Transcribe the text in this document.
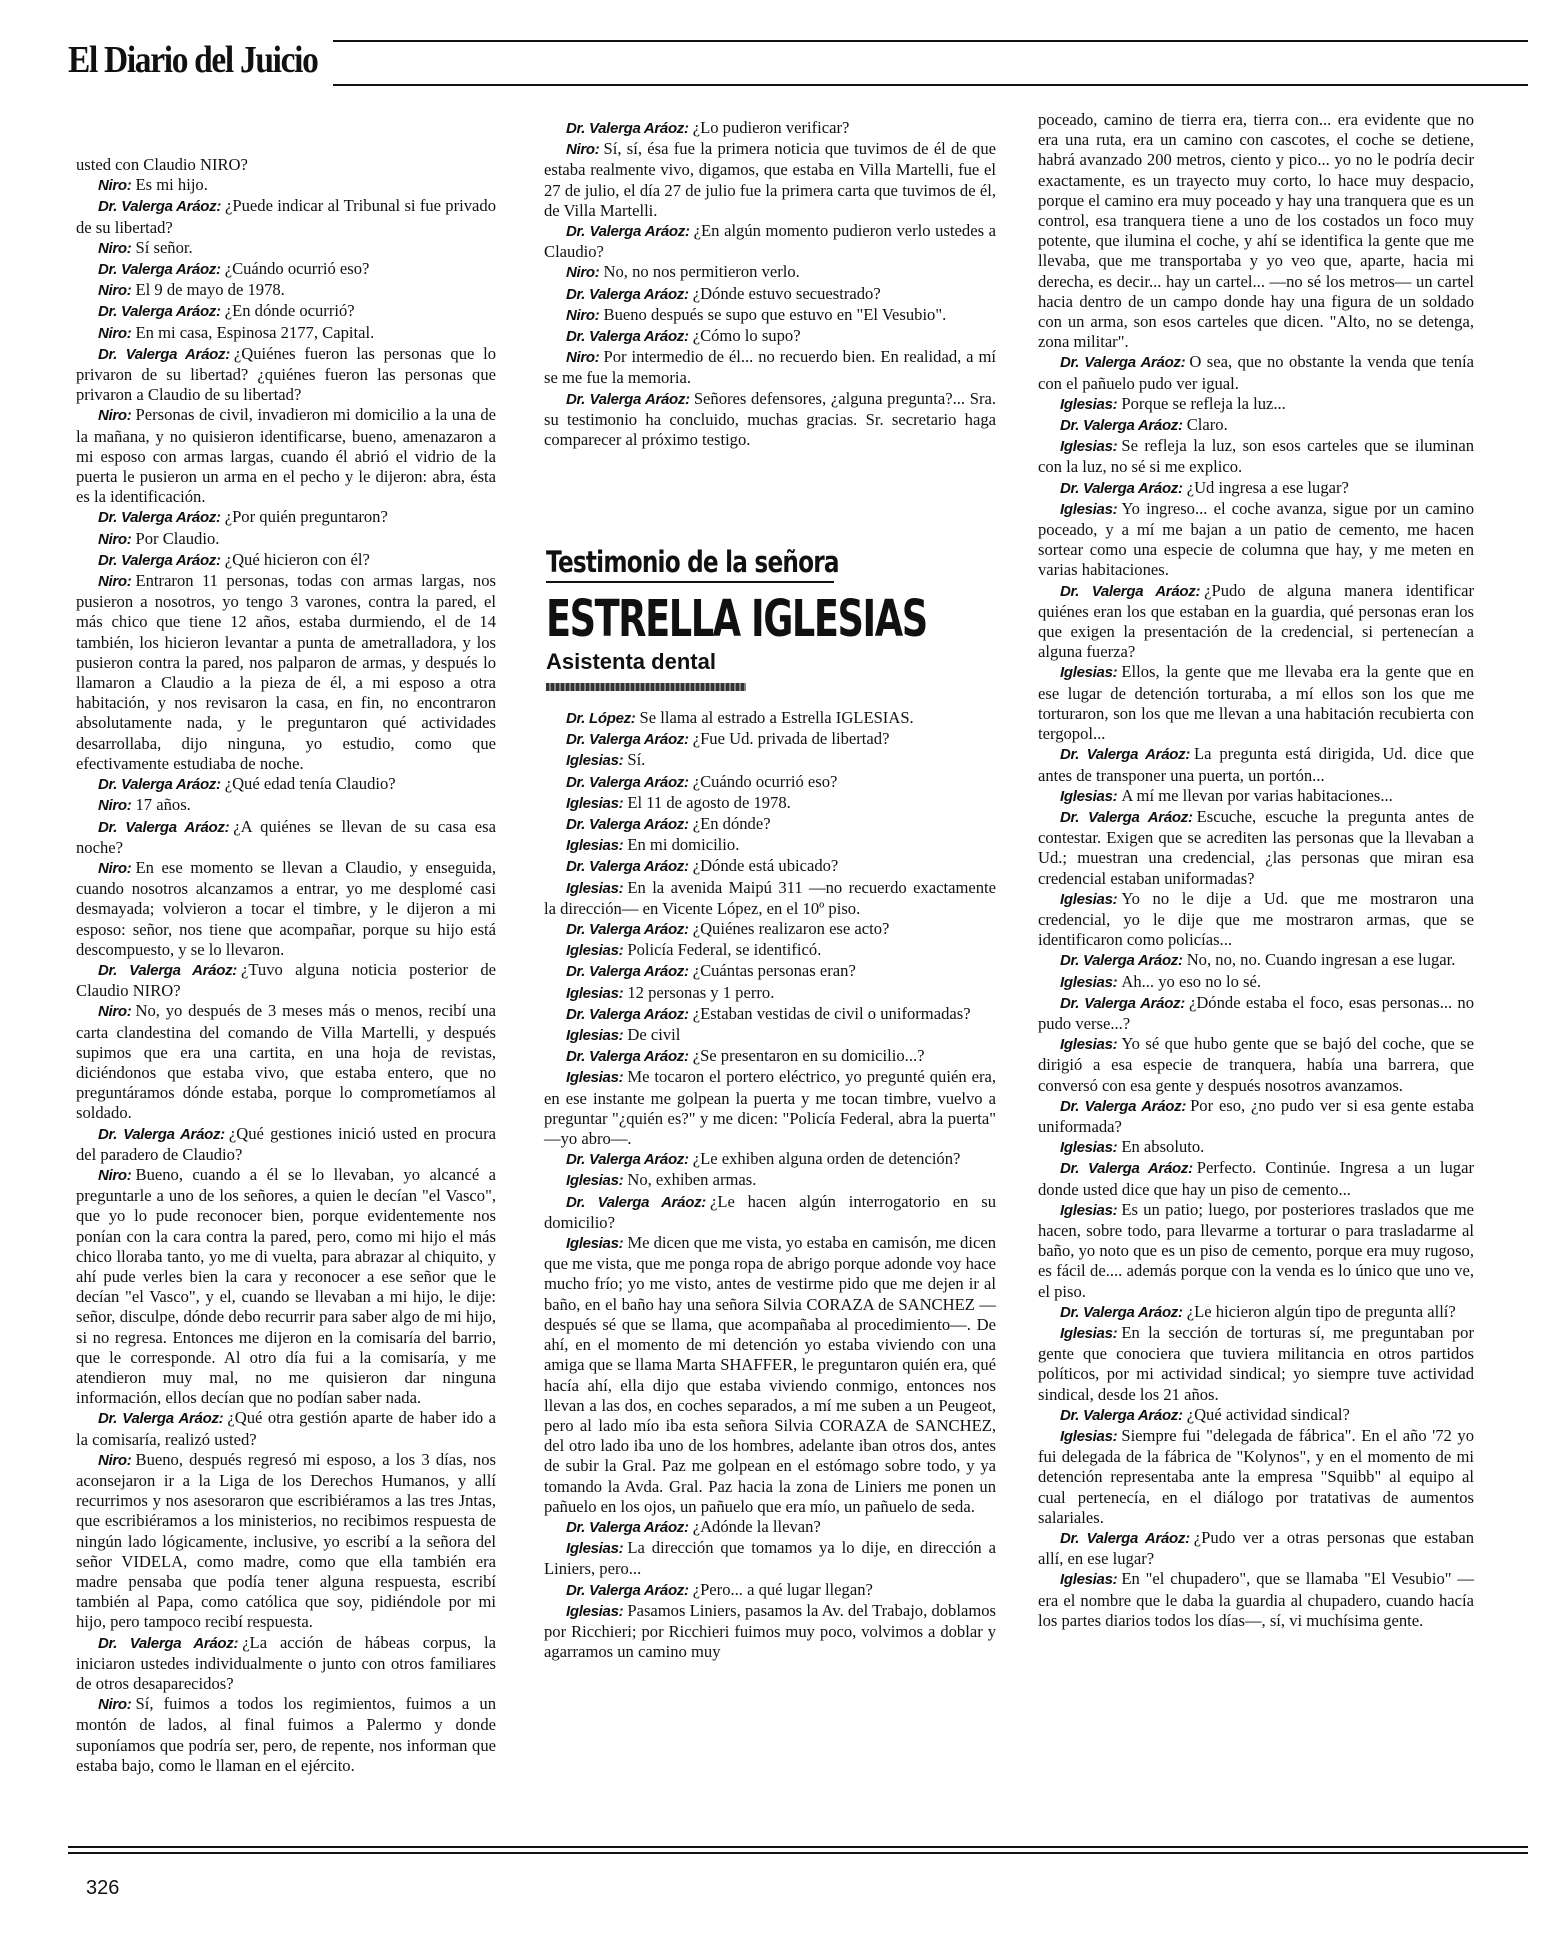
El Diario del Juicio

usted con Claudio NIRO?

Niro: Es mi hijo.

Dr. Valerga Aráoz: ¿Puede indicar al Tribunal si fue privado de su libertad?

Niro: Sí señor.

Dr. Valerga Aráoz: ¿Cuándo ocurrió eso?

Niro: El 9 de mayo de 1978.

Dr. Valerga Aráoz: ¿En dónde ocurrió?

Niro: En mi casa, Espinosa 2177, Capital.

Dr. Valerga Aráoz: ¿Quiénes fueron las personas que lo privaron de su libertad? ¿quiénes fueron las personas que privaron a Claudio de su libertad?

Niro: Personas de civil, invadieron mi domicilio a la una de la mañana, y no quisieron identificarse, bueno, amenazaron a mi esposo con armas largas, cuando él abrió el vidrio de la puerta le pusieron un arma en el pecho y le dijeron: abra, ésta es la identificación.

Dr. Valerga Aráoz: ¿Por quién preguntaron?

Niro: Por Claudio.

Dr. Valerga Aráoz: ¿Qué hicieron con él?

Niro: Entraron 11 personas, todas con armas largas, nos pusieron a nosotros, yo tengo 3 varones, contra la pared, el más chico que tiene 12 años, estaba durmiendo, el de 14 también, los hicieron levantar a punta de ametralladora, y los pusieron contra la pared, nos palparon de armas, y después lo llamaron a Claudio a la pieza de él, a mi esposo a otra habitación, y nos revisaron la casa, en fin, no encontraron absolutamente nada, y le preguntaron qué actividades desarrollaba, dijo ninguna, yo estudio, como que efectivamente estudiaba de noche.

Dr. Valerga Aráoz: ¿Qué edad tenía Claudio?

Niro: 17 años.

Dr. Valerga Aráoz: ¿A quiénes se llevan de su casa esa noche?

Niro: En ese momento se llevan a Claudio, y enseguida, cuando nosotros alcanzamos a entrar, yo me desplomé casi desmayada; volvieron a tocar el timbre, y le dijeron a mi esposo: señor, nos tiene que acompañar, porque su hijo está descompuesto, y se lo llevaron.

Dr. Valerga Aráoz: ¿Tuvo alguna noticia posterior de Claudio NIRO?

Niro: No, yo después de 3 meses más o menos, recibí una carta clandestina del comando de Villa Martelli, y después supimos que era una cartita, en una hoja de revistas, diciéndonos que estaba vivo, que estaba entero, que no preguntáramos dónde estaba, porque lo comprometíamos al soldado.

Dr. Valerga Aráoz: ¿Qué gestiones inició usted en procura del paradero de Claudio?

Niro: Bueno, cuando a él se lo llevaban, yo alcancé a preguntarle a uno de los señores, a quien le decían "el Vasco", que yo lo pude reconocer bien, porque evidentemente nos ponían con la cara contra la pared, pero, como mi hijo el más chico lloraba tanto, yo me di vuelta, para abrazar al chiquito, y ahí pude verles bien la cara y reconocer a ese señor que le decían "el Vasco", y el, cuando se llevaban a mi hijo, le dije: señor, disculpe, dónde debo recurrir para saber algo de mi hijo, si no regresa. Entonces me dijeron en la comisaría del barrio, que le corresponde. Al otro día fui a la comisaría, y me atendieron muy mal, no me quisieron dar ninguna información, ellos decían que no podían saber nada.

Dr. Valerga Aráoz: ¿Qué otra gestión aparte de haber ido a la comisaría, realizó usted?

Niro: Bueno, después regresó mi esposo, a los 3 días, nos aconsejaron ir a la Liga de los Derechos Humanos, y allí recurrimos y nos asesoraron que escribiéramos a las tres Jntas, que escribiéramos a los ministerios, no recibimos respuesta de ningún lado lógicamente, inclusive, yo escribí a la señora del señor VIDELA, como madre, como que ella también era madre pensaba que podía tener alguna respuesta, escribí también al Papa, como católica que soy, pidiéndole por mi hijo, pero tampoco recibí respuesta.

Dr. Valerga Aráoz: ¿La acción de hábeas corpus, la iniciaron ustedes individualmente o junto con otros familiares de otros desaparecidos?

Niro: Sí, fuimos a todos los regimientos, fuimos a un montón de lados, al final fuimos a Palermo y donde suponíamos que podría ser, pero, de repente, nos informan que estaba bajo, como le llaman en el ejército.

Dr. Valerga Aráoz: ¿Lo pudieron verificar?

Niro: Sí, sí, ésa fue la primera noticia que tuvimos de él de que estaba realmente vivo, digamos, que estaba en Villa Martelli, fue el 27 de julio, el día 27 de julio fue la primera carta que tuvimos de él, de Villa Martelli.

Dr. Valerga Aráoz: ¿En algún momento pudieron verlo ustedes a Claudio?

Niro: No, no nos permitieron verlo.

Dr. Valerga Aráoz: ¿Dónde estuvo secuestrado?

Niro: Bueno después se supo que estuvo en "El Vesubio".

Dr. Valerga Aráoz: ¿Cómo lo supo?

Niro: Por intermedio de él... no recuerdo bien. En realidad, a mí se me fue la memoria.

Dr. Valerga Aráoz: Señores defensores, ¿alguna pregunta?... Sra. su testimonio ha concluido, muchas gracias. Sr. secretario haga comparecer al próximo testigo.

Testimonio de la señora
ESTRELLA IGLESIAS
Asistenta dental

Dr. López: Se llama al estrado a Estrella IGLESIAS.

Dr. Valerga Aráoz: ¿Fue Ud. privada de libertad?

Iglesias: Sí.

Dr. Valerga Aráoz: ¿Cuándo ocurrió eso?

Iglesias: El 11 de agosto de 1978.

Dr. Valerga Aráoz: ¿En dónde?

Iglesias: En mi domicilio.

Dr. Valerga Aráoz: ¿Dónde está ubicado?

Iglesias: En la avenida Maipú 311 —no recuerdo exactamente la dirección— en Vicente López, en el 10º piso.

Dr. Valerga Aráoz: ¿Quiénes realizaron ese acto?

Iglesias: Policía Federal, se identificó.

Dr. Valerga Aráoz: ¿Cuántas personas eran?

Iglesias: 12 personas y 1 perro.

Dr. Valerga Aráoz: ¿Estaban vestidas de civil o uniformadas?

Iglesias: De civil

Dr. Valerga Aráoz: ¿Se presentaron en su domicilio...?

Iglesias: Me tocaron el portero eléctrico, yo pregunté quién era, en ese instante me golpean la puerta y me tocan timbre, vuelvo a preguntar "¿quién es?" y me dicen: "Policía Federal, abra la puerta" —yo abro—.

Dr. Valerga Aráoz: ¿Le exhiben alguna orden de detención?

Iglesias: No, exhiben armas.

Dr. Valerga Aráoz: ¿Le hacen algún interrogatorio en su domicilio?

Iglesias: Me dicen que me vista, yo estaba en camisón, me dicen que me vista, que me ponga ropa de abrigo porque adonde voy hace mucho frío; yo me visto, antes de vestirme pido que me dejen ir al baño, en el baño hay una señora Silvia CORAZA de SANCHEZ —después sé que se llama, que acompañaba al procedimiento—. De ahí, en el momento de mi detención yo estaba viviendo con una amiga que se llama Marta SHAFFER, le preguntaron quién era, qué hacía ahí, ella dijo que estaba viviendo conmigo, entonces nos llevan a las dos, en coches separados, a mí me suben a un Peugeot, pero al lado mío iba esta señora Silvia CORAZA de SANCHEZ, del otro lado iba uno de los hombres, adelante iban otros dos, antes de subir la Gral. Paz me golpean en el estómago sobre todo, y ya tomando la Avda. Gral. Paz hacia la zona de Liniers me ponen un pañuelo en los ojos, un pañuelo que era mío, un pañuelo de seda.

Dr. Valerga Aráoz: ¿Adónde la llevan?

Iglesias: La dirección que tomamos ya lo dije, en dirección a Liniers, pero...

Dr. Valerga Aráoz: ¿Pero... a qué lugar llegan?

Iglesias: Pasamos Liniers, pasamos la Av. del Trabajo, doblamos por Ricchieri; por Ricchieri fuimos muy poco, volvimos a doblar y agarramos un camino muy

poceado, camino de tierra era, tierra con... era evidente que no era una ruta, era un camino con cascotes, el coche se detiene, habrá avanzado 200 metros, ciento y pico... yo no le podría decir exactamente, es un trayecto muy corto, lo hace muy despacio, porque el camino era muy poceado y hay una tranquera que es un control, esa tranquera tiene a uno de los costados un foco muy potente, que ilumina el coche, y ahí se identifica la gente que me llevaba, que me transportaba y yo veo que, aparte, hacia mi derecha, es decir... hay un cartel... —no sé los metros— un cartel hacia dentro de un campo donde hay una figura de un soldado con un arma, son esos carteles que dicen. "Alto, no se detenga, zona militar".

Dr. Valerga Aráoz: O sea, que no obstante la venda que tenía con el pañuelo pudo ver igual.

Iglesias: Porque se refleja la luz...

Dr. Valerga Aráoz: Claro.

Iglesias: Se refleja la luz, son esos carteles que se iluminan con la luz, no sé si me explico.

Dr. Valerga Aráoz: ¿Ud ingresa a ese lugar?

Iglesias: Yo ingreso... el coche avanza, sigue por un camino poceado, y a mí me bajan a un patio de cemento, me hacen sortear como una especie de columna que hay, y me meten en varias habitaciones.

Dr. Valerga Aráoz: ¿Pudo de alguna manera identificar quiénes eran los que estaban en la guardia, qué personas eran los que exigen la presentación de la credencial, si pertenecían a alguna fuerza?

Iglesias: Ellos, la gente que me llevaba era la gente que en ese lugar de detención torturaba, a mí ellos son los que me torturaron, son los que me llevan a una habitación recubierta con tergopol...

Dr. Valerga Aráoz: La pregunta está dirigida, Ud. dice que antes de transponer una puerta, un portón...

Iglesias: A mí me llevan por varias habitaciones...

Dr. Valerga Aráoz: Escuche, escuche la pregunta antes de contestar. Exigen que se acrediten las personas que la llevaban a Ud.; muestran una credencial, ¿las personas que miran esa credencial estaban uniformadas?

Iglesias: Yo no le dije a Ud. que me mostraron una credencial, yo le dije que me mostraron armas, que se identificaron como policías...

Dr. Valerga Aráoz: No, no, no. Cuando ingresan a ese lugar.

Iglesias: Ah... yo eso no lo sé.

Dr. Valerga Aráoz: ¿Dónde estaba el foco, esas personas... no pudo verse...?

Iglesias: Yo sé que hubo gente que se bajó del coche, que se dirigió a esa especie de tranquera, había una barrera, que conversó con esa gente y después nosotros avanzamos.

Dr. Valerga Aráoz: Por eso, ¿no pudo ver si esa gente estaba uniformada?

Iglesias: En absoluto.

Dr. Valerga Aráoz: Perfecto. Continúe. Ingresa a un lugar donde usted dice que hay un piso de cemento...

Iglesias: Es un patio; luego, por posteriores traslados que me hacen, sobre todo, para llevarme a torturar o para trasladarme al baño, yo noto que es un piso de cemento, porque era muy rugoso, es fácil de.... además porque con la venda es lo único que uno ve, el piso.

Dr. Valerga Aráoz: ¿Le hicieron algún tipo de pregunta allí?

Iglesias: En la sección de torturas sí, me preguntaban por gente que conociera que tuviera militancia en otros partidos políticos, por mi actividad sindical; yo siempre tuve actividad sindical, desde los 21 años.

Dr. Valerga Aráoz: ¿Qué actividad sindical?

Iglesias: Siempre fui "delegada de fábrica". En el año '72 yo fui delegada de la fábrica de "Kolynos", y en el momento de mi detención representaba ante la empresa "Squibb" al equipo al cual pertenecía, en el diálogo por tratativas de aumentos salariales.

Dr. Valerga Aráoz: ¿Pudo ver a otras personas que estaban allí, en ese lugar?

Iglesias: En "el chupadero", que se llamaba "El Vesubio" —era el nombre que le daba la guardia al chupadero, cuando hacía los partes diarios todos los días—, sí, vi muchísima gente.

326
